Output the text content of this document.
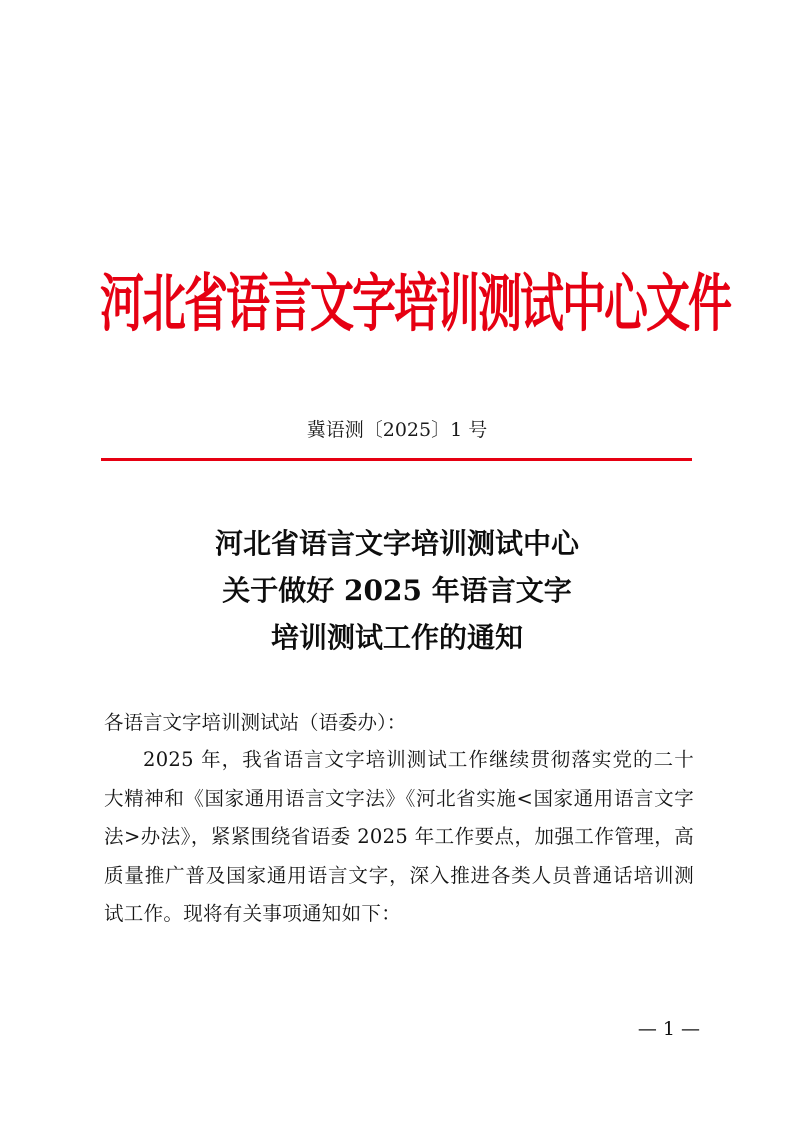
河北省语言文字培训测试中心文件
冀语测〔2025〕1 号
河北省语言文字培训测试中心
关于做好 2025 年语言文字
培训测试工作的通知
各语言文字培训测试站（语委办）：
2025 年，我省语言文字培训测试工作继续贯彻落实党的二十大精神和《国家通用语言文字法》《河北省实施<国家通用语言文字法>办法》，紧紧围绕省语委 2025 年工作要点，加强工作管理，高质量推广普及国家通用语言文字，深入推进各类人员普通话培训测试工作。现将有关事项通知如下：
— 1 —
